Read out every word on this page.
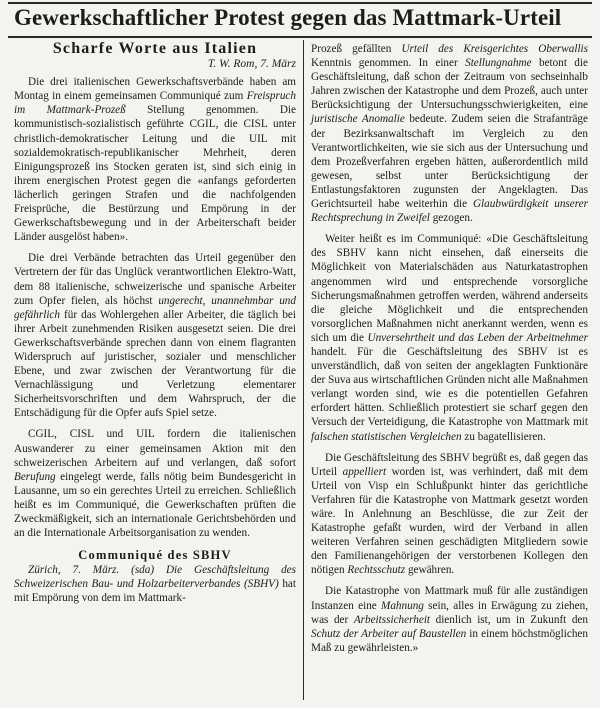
Gewerkschaftlicher Protest gegen das Mattmark-Urteil
Scharfe Worte aus Italien
T. W. Rom, 7. März

Die drei italienischen Gewerkschaftsverbände haben am Montag in einem gemeinsamen Communiqué zum Freispruch im Mattmark-Prozeß Stellung genommen. Die kommunistisch-sozialistisch geführte CGIL, die CISL unter christlich-demokratischer Leitung und die UIL mit sozialdemokratisch-republikanischer Mehrheit, deren Einigungsprozeß ins Stocken geraten ist, sind sich einig in ihrem energischen Protest gegen die «anfangs geforderten lächerlich geringen Strafen und die nachfolgenden Freisprüche, die Bestürzung und Empörung in der Gewerkschaftsbewegung und in der Arbeiterschaft beider Länder ausgelöst haben».

Die drei Verbände betrachten das Urteil gegenüber den Vertretern der für das Unglück verantwortlichen Elektro-Watt, dem 88 italienische, schweizerische und spanische Arbeiter zum Opfer fielen, als höchst ungerecht, unannehmbar und gefährlich für das Wohlergehen aller Arbeiter, die täglich bei ihrer Arbeit zunehmenden Risiken ausgesetzt seien. Die drei Gewerkschaftsverbände sprechen dann von einem flagranten Widerspruch auf juristischer, sozialer und menschlicher Ebene, und zwar zwischen der Verantwortung für die Vernachlässigung und Verletzung elementarer Sicherheitsvorschriften und dem Wahrspruch, der die Entschädigung für die Opfer aufs Spiel setze.

CGIL, CISL und UIL fordern die italienischen Auswanderer zu einer gemeinsamen Aktion mit den schweizerischen Arbeitern auf und verlangen, daß sofort Berufung eingelegt werde, falls nötig beim Bundesgericht in Lausanne, um so ein gerechtes Urteil zu erreichen. Schließlich heißt es im Communiqué, die Gewerkschaften prüften die Zweckmäßigkeit, sich an internationale Gerichtsbehörden und an die Internationale Arbeitsorganisation zu wenden.

Communiqué des SBHV

Zürich, 7. März. (sda) Die Geschäftsleitung des Schweizerischen Bau- und Holzarbeiterverbandes (SBHV) hat mit Empörung von dem im Mattmark-

Prozeß gefällten Urteil des Kreisgerichtes Oberwallis Kenntnis genommen. In einer Stellungnahme betont die Geschäftsleitung, daß schon der Zeitraum von sechseinhalb Jahren zwischen der Katastrophe und dem Prozeß, auch unter Berücksichtigung der Untersuchungsschwierigkeiten, eine juristische Anomalie bedeute. Zudem seien die Strafanträge der Bezirksanwaltschaft im Vergleich zu den Verantwortlichkeiten, wie sie sich aus der Untersuchung und dem Prozeßverfahren ergeben hätten, außerordentlich mild gewesen, selbst unter Berücksichtigung der Entlastungsfaktoren zugunsten der Angeklagten. Das Gerichtsurteil habe weiterhin die Glaubwürdigkeit unserer Rechtsprechung in Zweifel gezogen.

Weiter heißt es im Communiqué: «Die Geschäftsleitung des SBHV kann nicht einsehen, daß einerseits die Möglichkeit von Materialschäden aus Naturkatastrophen angenommen wird und entsprechende vorsorgliche Sicherungsmaßnahmen getroffen werden, während anderseits die gleiche Möglichkeit und die entsprechenden vorsorglichen Maßnahmen nicht anerkannt werden, wenn es sich um die Unversehrtheit und das Leben der Arbeitnehmer handelt. Für die Geschäftsleitung des SBHV ist es unverständlich, daß von seiten der angeklagten Funktionäre der Suva aus wirtschaftlichen Gründen nicht alle Maßnahmen verlangt worden sind, wie es die potentiellen Gefahren erfordert hätten. Schließlich protestiert sie scharf gegen den Versuch der Verteidigung, die Katastrophe von Mattmark mit falschen statistischen Vergleichen zu bagatellisieren.

Die Geschäftsleitung des SBHV begrüßt es, daß gegen das Urteil appelliert worden ist, was verhindert, daß mit dem Urteil von Visp ein Schlußpunkt hinter das gerichtliche Verfahren für die Katastrophe von Mattmark gesetzt worden wäre. In Anlehnung an Beschlüsse, die zur Zeit der Katastrophe gefaßt wurden, wird der Verband in allen weiteren Verfahren seinen geschädigten Mitgliedern sowie den Familienangehörigen der verstorbenen Kollegen den nötigen Rechtsschutz gewähren.

Die Katastrophe von Mattmark muß für alle zuständigen Instanzen eine Mahnung sein, alles in Erwägung zu ziehen, was der Arbeitssicherheit dienlich ist, um in Zukunft den Schutz der Arbeiter auf Baustellen in einem höchstmöglichen Maß zu gewährleisten.»
